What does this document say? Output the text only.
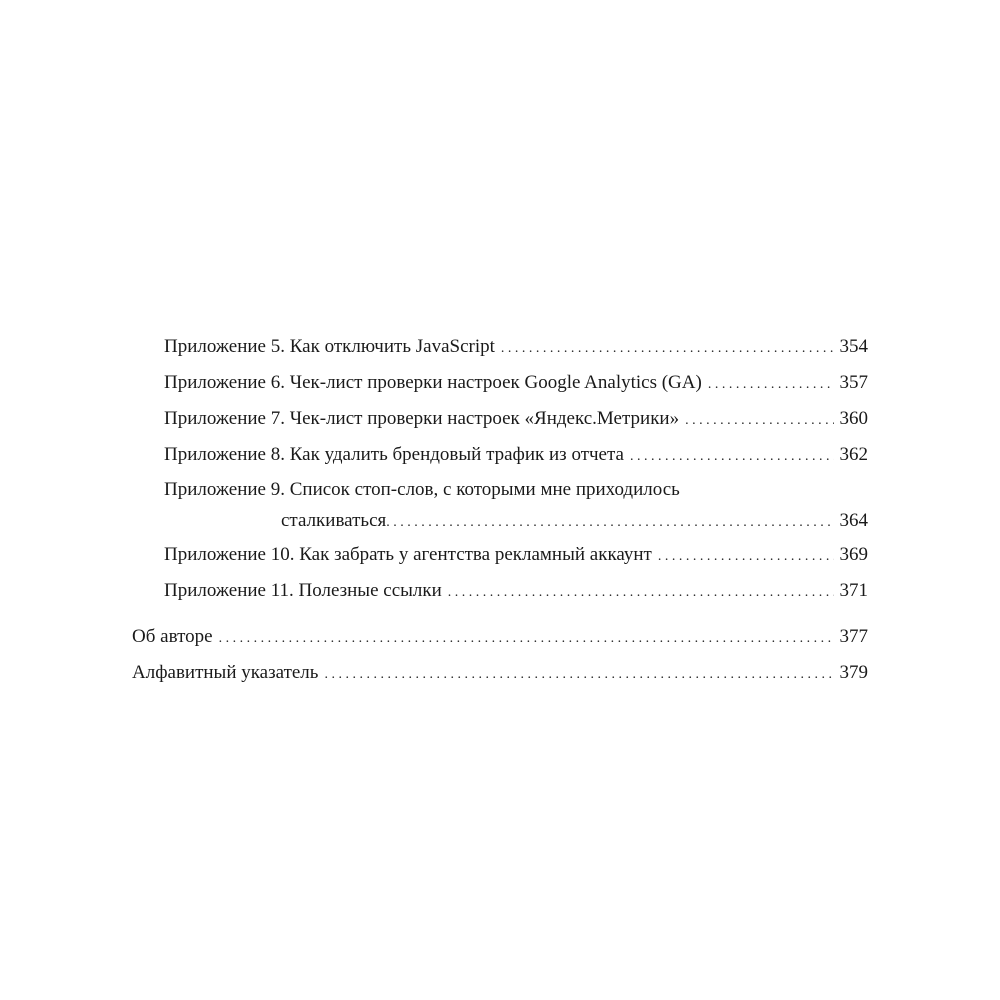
Приложение 5. Как отключить JavaScript . . .	354
Приложение 6. Чек-лист проверки настроек Google Analytics (GA) . . .	357
Приложение 7. Чек-лист проверки настроек «Яндекс.Метрики» . . .	360
Приложение 8. Как удалить брендовый трафик из отчета . . .	362
Приложение 9. Список стоп-слов, с которыми мне приходилось
сталкиваться . . .	364
Приложение 10. Как забрать у агентства рекламный аккаунт . . .	369
Приложение 11. Полезные ссылки . . .	371
Об авторе . . .	377
Алфавитный указатель . . .	379
